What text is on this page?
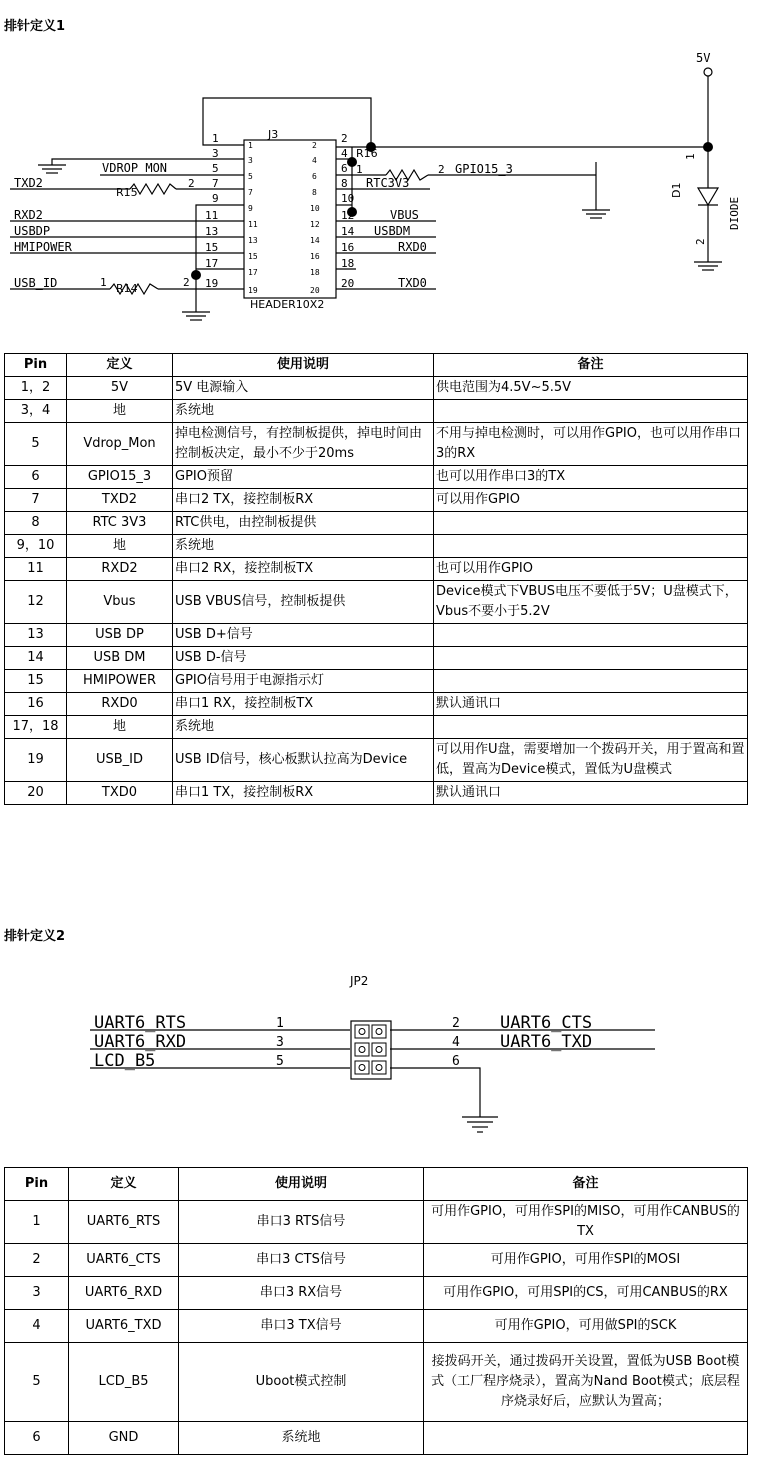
排针定义1
5V
J3
HEADER10X2
D1
DIODE
1
2
R15
R14
R16
1	2
2
1	2
VDROP_MON
TXD2
RXD2
USBDP
HMIPOWER
USB_ID
GPIO15_3
RTC3V3
VBUS
USBDM
RXD0
TXD0
1
3
5
7
9
11
13
15
17
19
2
4
6
8
10
12
14
16
18
20
1
3
5
7
9
11
13
15
17
19
2
4
6
8
10
12
14
16
18
20
Pin	定义	使用说明	备注
1，2	5V	5V 电源输入	供电范围为4.5V~5.5V
3，4	地	系统地	
5	Vdrop_Mon	掉电检测信号，有控制板提供，掉电时间由控制板决定，最小不少于20ms	不用与掉电检测时，可以用作GPIO，也可以用作串口3的RX
6	GPIO15_3	GPIO预留	也可以用作串口3的TX
7	TXD2	串口2 TX，接控制板RX	可以用作GPIO
8	RTC 3V3	RTC供电，由控制板提供	
9，10	地	系统地	
11	RXD2	串口2 RX，接控制板TX	也可以用作GPIO
12	Vbus	USB VBUS信号，控制板提供	Device模式下VBUS电压不要低于5V；U盘模式下，Vbus不要小于5.2V
13	USB DP	USB D+信号	
14	USB DM	USB D-信号	
15	HMIPOWER	GPIO信号用于电源指示灯	
16	RXD0	串口1 RX，接控制板TX	默认通讯口
17，18	地	系统地	
19	USB_ID	USB ID信号，核心板默认拉高为Device	可以用作U盘，需要增加一个拨码开关，用于置高和置低，置高为Device模式，置低为U盘模式
20	TXD0	串口1 TX，接控制板RX	默认通讯口
排针定义2
JP2
UART6_RTS
UART6_RXD
LCD_B5
UART6_CTS
UART6_TXD
1
3
5
2
4
6
Pin	定义	使用说明	备注
1	UART6_RTS	串口3 RTS信号	可用作GPIO，可用作SPI的MISO，可用作CANBUS的TX
2	UART6_CTS	串口3 CTS信号	可用作GPIO，可用作SPI的MOSI
3	UART6_RXD	串口3 RX信号	可用作GPIO，可用SPI的CS，可用CANBUS的RX
4	UART6_TXD	串口3 TX信号	可用作GPIO，可用做SPI的SCK
5	LCD_B5	Uboot模式控制	接拨码开关，通过拨码开关设置，置低为USB Boot模式（工厂程序烧录），置高为Nand Boot模式；底层程序烧录好后，应默认为置高；
6	GND	系统地	
